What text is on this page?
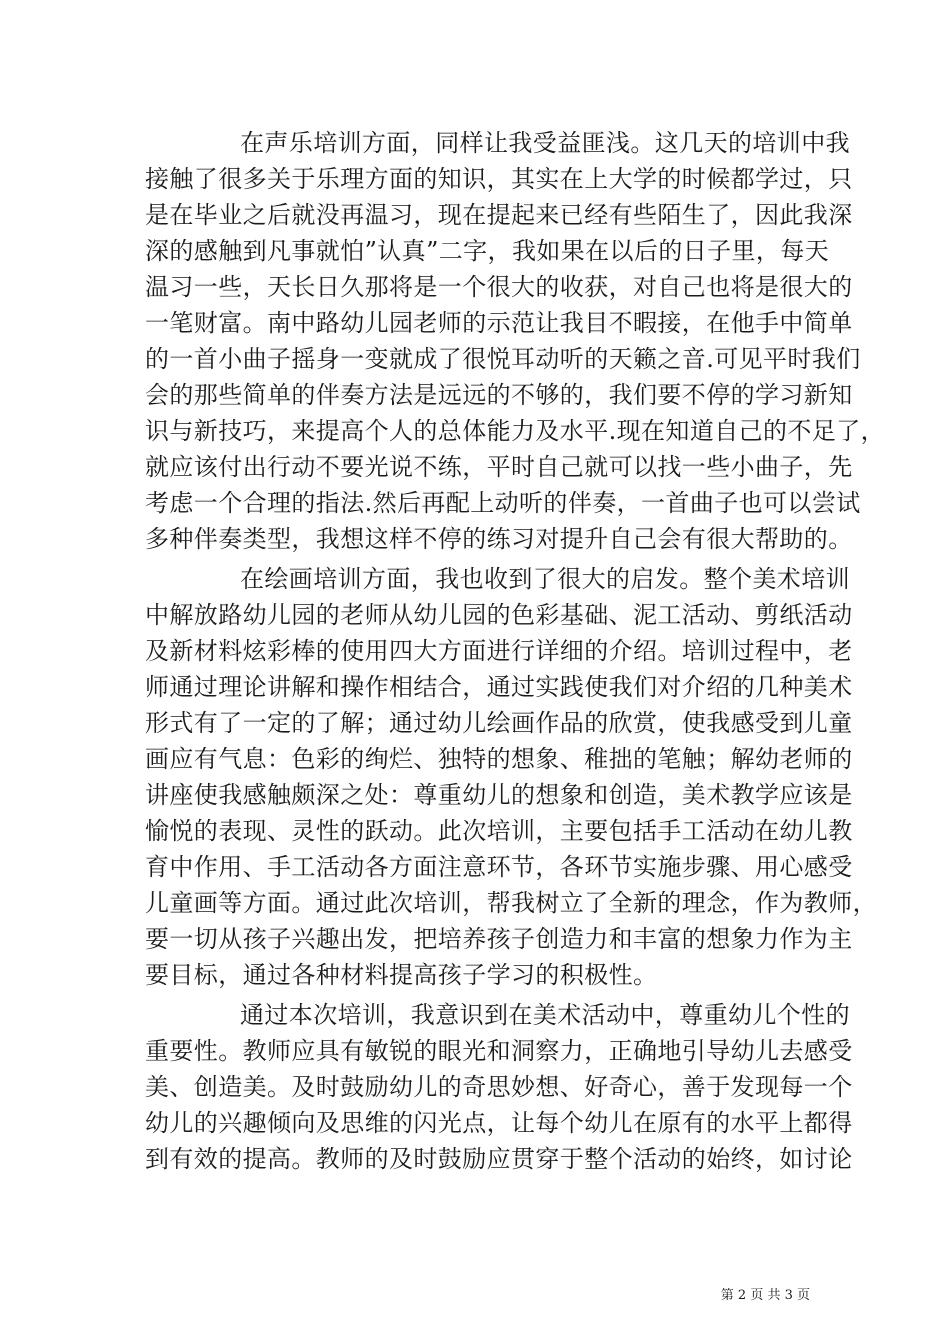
在声乐培训方面，同样让我受益匪浅。这几天的培训中我
接触了很多关于乐理方面的知识，其实在上大学的时候都学过，只
是在毕业之后就没再温习，现在提起来已经有些陌生了，因此我深
深的感触到凡事就怕”认真”二字，我如果在以后的日子里，每天
温习一些，天长日久那将是一个很大的收获，对自己也将是很大的
一笔财富。南中路幼儿园老师的示范让我目不暇接，在他手中简单
的一首小曲子摇身一变就成了很悦耳动听的天籁之音.可见平时我们
会的那些简单的伴奏方法是远远的不够的，我们要不停的学习新知
识与新技巧，来提高个人的总体能力及水平.现在知道自己的不足了，
就应该付出行动不要光说不练，平时自己就可以找一些小曲子，先
考虑一个合理的指法.然后再配上动听的伴奏，一首曲子也可以尝试
多种伴奏类型，我想这样不停的练习对提升自己会有很大帮助的。
在绘画培训方面，我也收到了很大的启发。整个美术培训
中解放路幼儿园的老师从幼儿园的色彩基础、泥工活动、剪纸活动
及新材料炫彩棒的使用四大方面进行详细的介绍。培训过程中，老
师通过理论讲解和操作相结合，通过实践使我们对介绍的几种美术
形式有了一定的了解；通过幼儿绘画作品的欣赏，使我感受到儿童
画应有气息：色彩的绚烂、独特的想象、稚拙的笔触；解幼老师的
讲座使我感触颇深之处：尊重幼儿的想象和创造，美术教学应该是
愉悦的表现、灵性的跃动。此次培训，主要包括手工活动在幼儿教
育中作用、手工活动各方面注意环节，各环节实施步骤、用心感受
儿童画等方面。通过此次培训，帮我树立了全新的理念，作为教师，
要一切从孩子兴趣出发，把培养孩子创造力和丰富的想象力作为主
要目标，通过各种材料提高孩子学习的积极性。
通过本次培训，我意识到在美术活动中，尊重幼儿个性的
重要性。教师应具有敏锐的眼光和洞察力，正确地引导幼儿去感受
美、创造美。及时鼓励幼儿的奇思妙想、好奇心，善于发现每一个
幼儿的兴趣倾向及思维的闪光点，让每个幼儿在原有的水平上都得
到有效的提高。教师的及时鼓励应贯穿于整个活动的始终，如讨论
第 2 页 共 3 页
